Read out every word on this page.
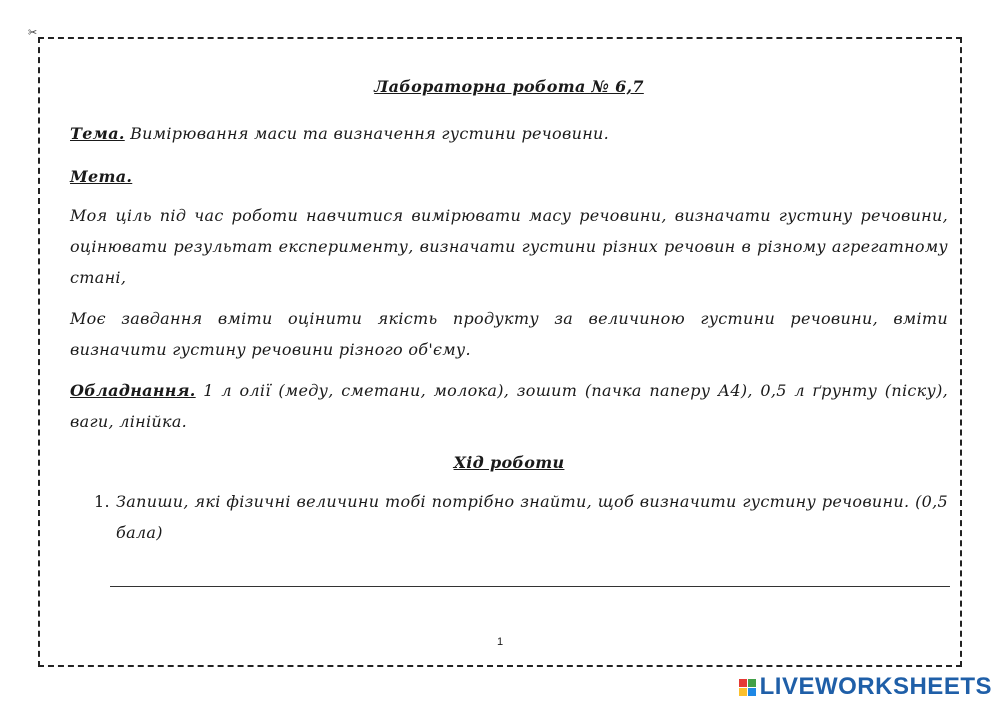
✂
Лабораторна робота № 6,7
Тема. Вимірювання маси та визначення густини речовини.
Мета.
Моя ціль під час роботи навчитися вимірювати масу речовини, визначати густину речовини, оцінювати результат експерименту, визначати густини різних речовин в різному агрегатному стані,
Моє завдання вміти оцінити якість продукту за величиною густини речовини, вміти визначити густину речовини різного об'єму.
Обладнання. 1 л олії (меду, сметани, молока), зошит (пачка паперу А4), 0,5 л ґрунту (піску), ваги, лінійка.
Хід роботи
1. Запиши, які фізичні величини тобі потрібно знайти, щоб визначити густину речовини. (0,5 бала)
1
LIVEWORKSHEETS
